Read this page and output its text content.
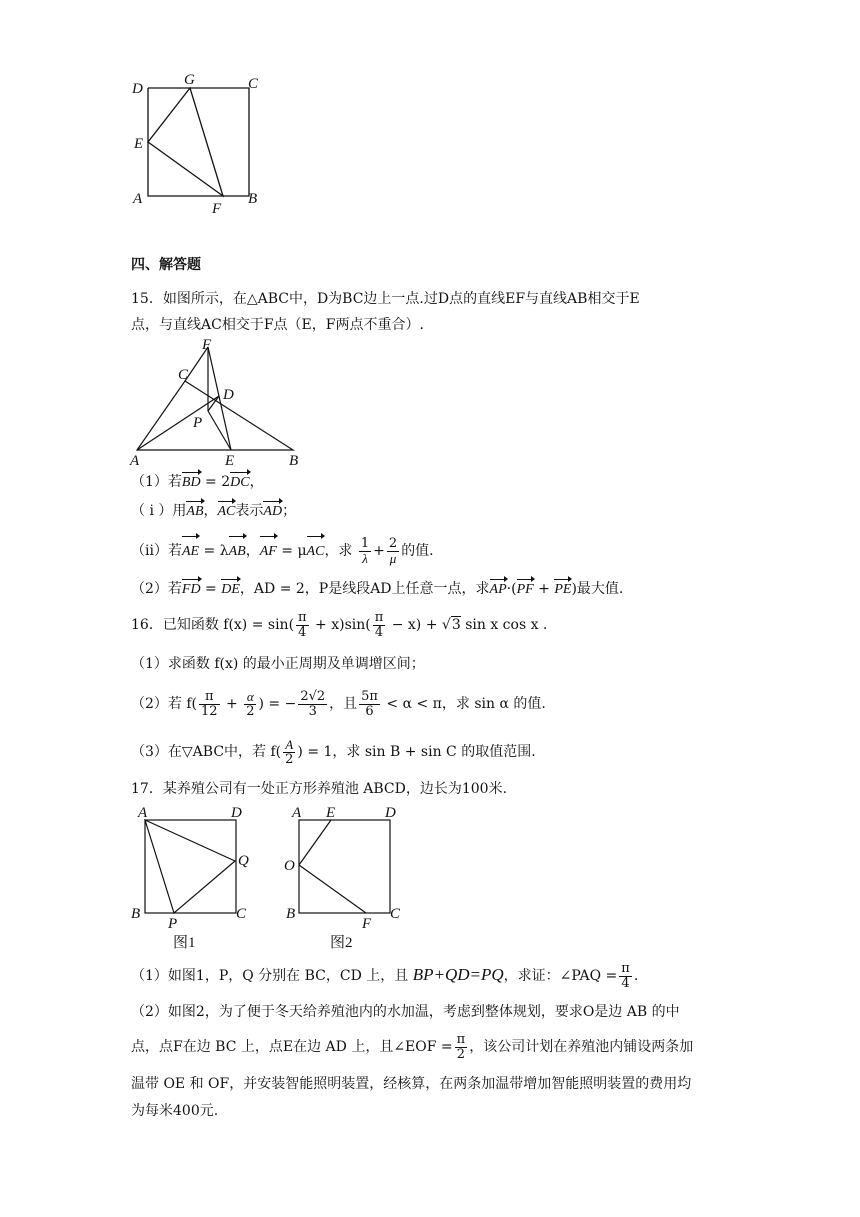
D
G	C
E
A
F
B
四、解答题
15．如图所示，在△ABC中，D为BC边上一点.过D点的直线EF与直线AB相交于E
点，与直线AC相交于F点（E，F两点不重合）.
F
C
D
P
A	E	B
（1）若BD = 2DC，
（ i ）用AB，AC表示AD；
（ii）若AE = λAB，AF = μAC，求 $\frac{1}{\lambda} + \frac{2}{\mu}$ 的值.
（2）若FD = DE，AD = 2，P是线段AD上任意一点，求AP·(PF + PE)最大值.
16．已知函数 $f(x) = \sin( \frac{\pi}{4} + x)\sin( \frac{\pi}{4} - x) + √3$ sin x cos x .
（1）求函数 f(x) 的最小正周期及单调增区间；
（2）若 $f( \frac{\pi}{12} + \frac{\alpha}{2}$ ) = − $\frac{2√2}{3}$ ，且 $\frac{5\pi}{6} < \alpha < \pi$，求 sin α 的值.
（3）在▽ABC中，若 $f( \frac{A}{2}$ ) = 1，求 sin B + sin C 的取值范围.
17．某养殖公司有一处正方形养殖池 ABCD，边长为100米.
A	D
Q
B
P
C
图1
A E	D
O
B
F
C
图2
（1）如图1，P，Q 分别在 BC，CD 上，且 BP+QD=PQ，求证：∠PAQ = $\frac{\pi}{4}$ .
（2）如图2，为了便于冬天给养殖池内的水加温，考虑到整体规划，要求O是边 AB 的中
点，点F在边 BC 上，点E在边 AD 上，且∠EOF = $\frac{\pi}{2}$ ，该公司计划在养殖池内铺设两条加
温带 OE 和 OF，并安装智能照明装置，经核算，在两条加温带增加智能照明装置的费用均
为每米400元.
